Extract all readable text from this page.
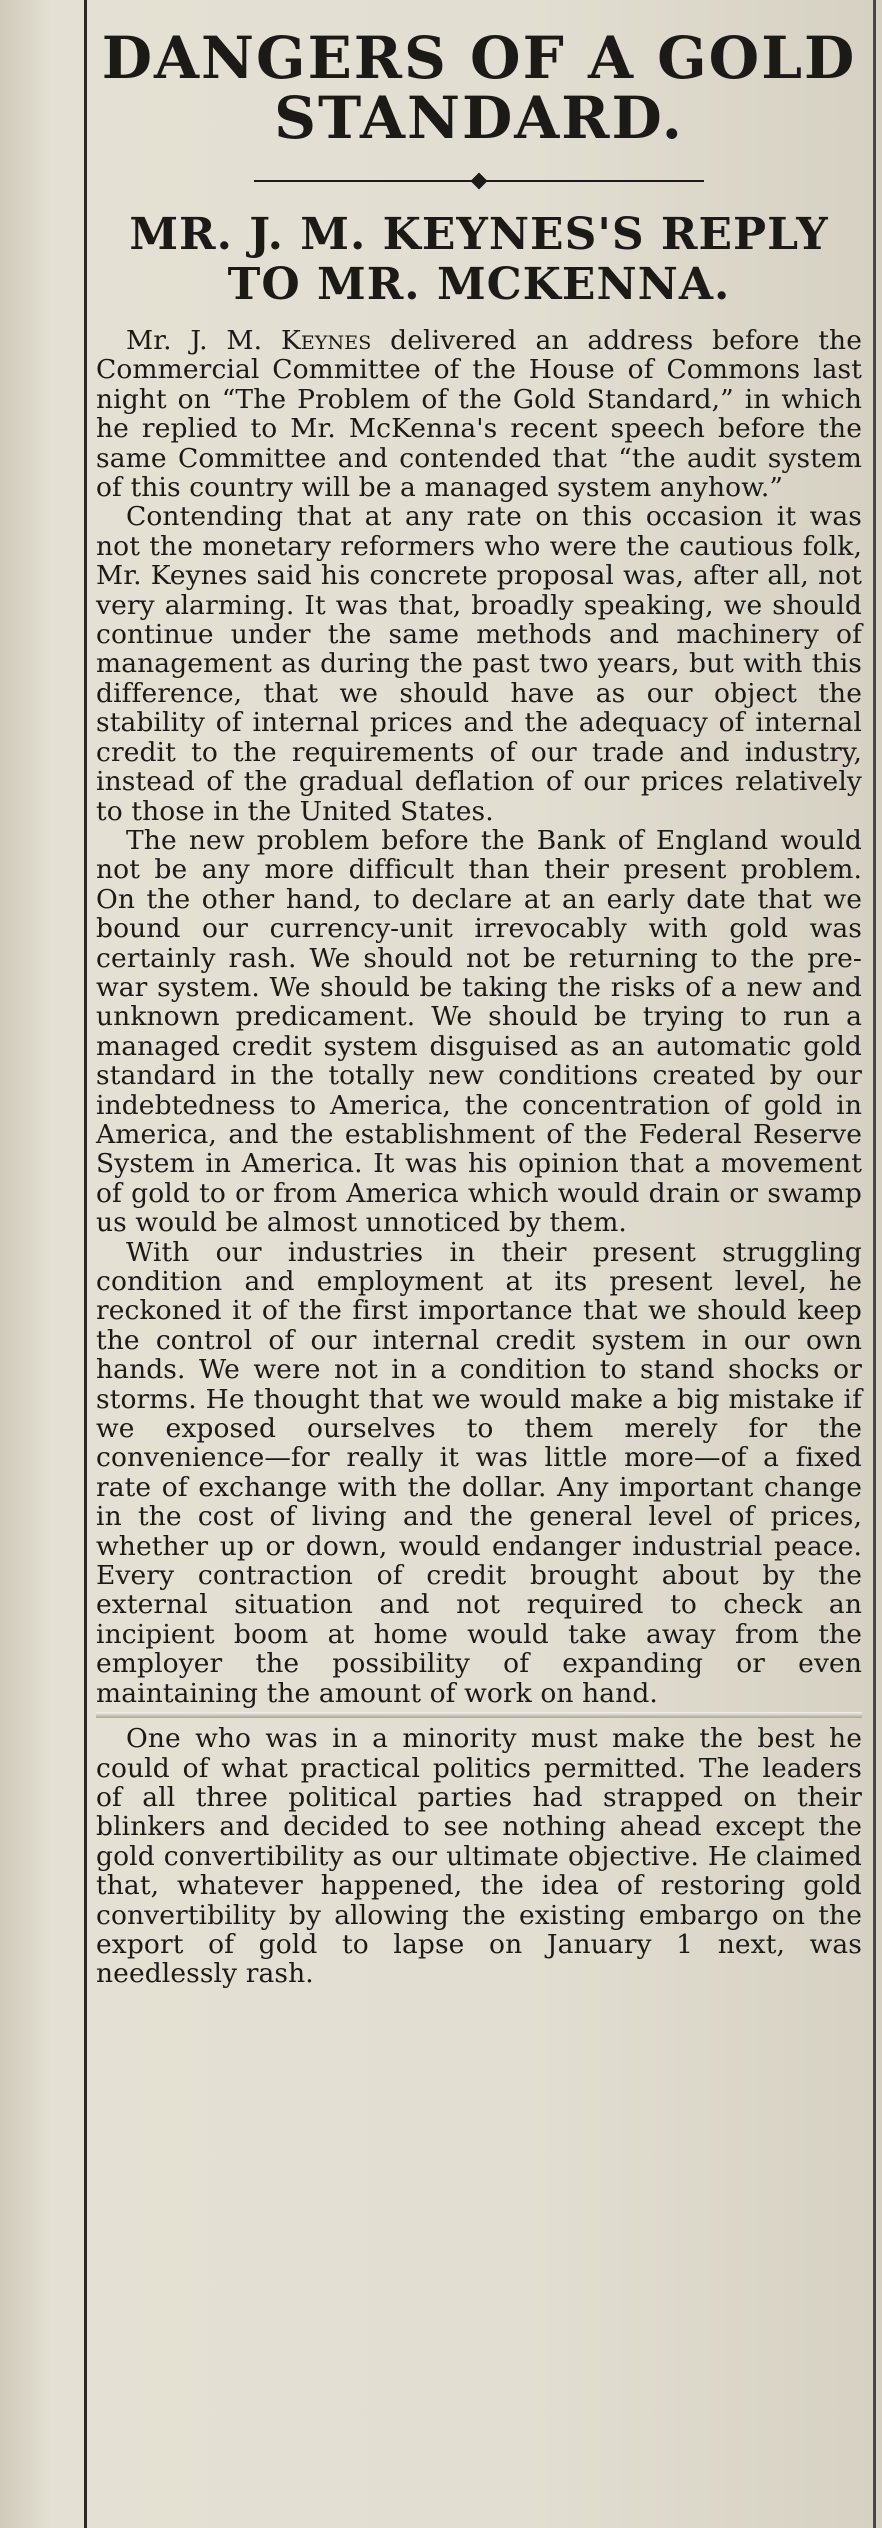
DANGERS OF A GOLD
STANDARD.
MR. J. M. KEYNES'S REPLY
TO MR. MCKENNA.

Mr. J. M. Keynes delivered an address before the Commercial Committee of the House of Commons last night on “The Problem of the Gold Standard,” in which he replied to Mr. McKenna's recent speech before the same Committee and contended that “the audit system of this country will be a managed system anyhow.”

Contending that at any rate on this occasion it was not the monetary reformers who were the cautious folk, Mr. Keynes said his concrete proposal was, after all, not very alarming. It was that, broadly speaking, we should continue under the same methods and machinery of management as during the past two years, but with this difference, that we should have as our object the stability of internal prices and the adequacy of internal credit to the requirements of our trade and industry, instead of the gradual deflation of our prices relatively to those in the United States.

The new problem before the Bank of England would not be any more difficult than their present problem. On the other hand, to declare at an early date that we bound our currency-unit irrevocably with gold was certainly rash. We should not be returning to the pre-war system. We should be taking the risks of a new and unknown predicament. We should be trying to run a managed credit system disguised as an automatic gold standard in the totally new conditions created by our indebtedness to America, the concentration of gold in America, and the establishment of the Federal Reserve System in America. It was his opinion that a movement of gold to or from America which would drain or swamp us would be almost unnoticed by them.

With our industries in their present struggling condition and employment at its present level, he reckoned it of the first importance that we should keep the control of our internal credit system in our own hands. We were not in a condition to stand shocks or storms. He thought that we would make a big mistake if we exposed ourselves to them merely for the convenience—for really it was little more—of a fixed rate of exchange with the dollar. Any important change in the cost of living and the general level of prices, whether up or down, would endanger industrial peace. Every contraction of credit brought about by the external situation and not required to check an incipient boom at home would take away from the employer the possibility of expanding or even maintaining the amount of work on hand.

One who was in a minority must make the best he could of what practical politics permitted. The leaders of all three political parties had strapped on their blinkers and decided to see nothing ahead except the gold convertibility as our ultimate objective. He claimed that, whatever happened, the idea of restoring gold convertibility by allowing the existing embargo on the export of gold to lapse on January 1 next, was needlessly rash.
